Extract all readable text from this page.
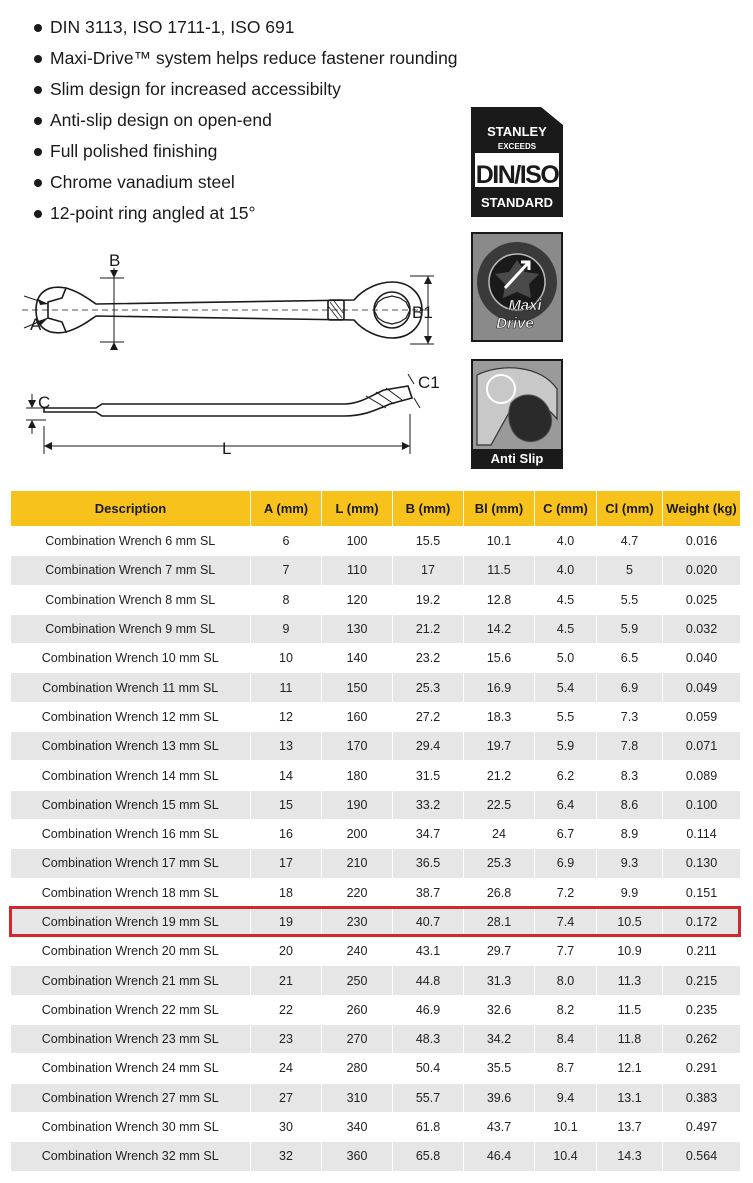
DIN 3113, ISO 1711-1, ISO 691
Maxi-Drive™ system helps reduce fastener rounding
Slim design for increased accessibilty
Anti-slip design on open-end
Full polished finishing
Chrome vanadium steel
12-point ring angled at 15°
B
A
B1
C
C1
L
STANLEY
EXCEEDS
DIN/ISO
STANDARD

Maxi
Drive

Anti Slip
Description	A (mm)	L (mm)	B (mm)	Bl (mm)	C (mm)	Cl (mm)	Weight (kg)
Combination Wrench 6 mm SL	6	100	15.5	10.1	4.0	4.7	0.016
Combination Wrench 7 mm SL	7	110	17	11.5	4.0	5	0.020
Combination Wrench 8 mm SL	8	120	19.2	12.8	4.5	5.5	0.025
Combination Wrench 9 mm SL	9	130	21.2	14.2	4.5	5.9	0.032
Combination Wrench 10 mm SL	10	140	23.2	15.6	5.0	6.5	0.040
Combination Wrench 11 mm SL	11	150	25.3	16.9	5.4	6.9	0.049
Combination Wrench 12 mm SL	12	160	27.2	18.3	5.5	7.3	0.059
Combination Wrench 13 mm SL	13	170	29.4	19.7	5.9	7.8	0.071
Combination Wrench 14 mm SL	14	180	31.5	21.2	6.2	8.3	0.089
Combination Wrench 15 mm SL	15	190	33.2	22.5	6.4	8.6	0.100
Combination Wrench 16 mm SL	16	200	34.7	24	6.7	8.9	0.114
Combination Wrench 17 mm SL	17	210	36.5	25.3	6.9	9.3	0.130
Combination Wrench 18 mm SL	18	220	38.7	26.8	7.2	9.9	0.151
Combination Wrench 19 mm SL	19	230	40.7	28.1	7.4	10.5	0.172
Combination Wrench 20 mm SL	20	240	43.1	29.7	7.7	10.9	0.211
Combination Wrench 21 mm SL	21	250	44.8	31.3	8.0	11.3	0.215
Combination Wrench 22 mm SL	22	260	46.9	32.6	8.2	11.5	0.235
Combination Wrench 23 mm SL	23	270	48.3	34.2	8.4	11.8	0.262
Combination Wrench 24 mm SL	24	280	50.4	35.5	8.7	12.1	0.291
Combination Wrench 27 mm SL	27	310	55.7	39.6	9.4	13.1	0.383
Combination Wrench 30 mm SL	30	340	61.8	43.7	10.1	13.7	0.497
Combination Wrench 32 mm SL	32	360	65.8	46.4	10.4	14.3	0.564
